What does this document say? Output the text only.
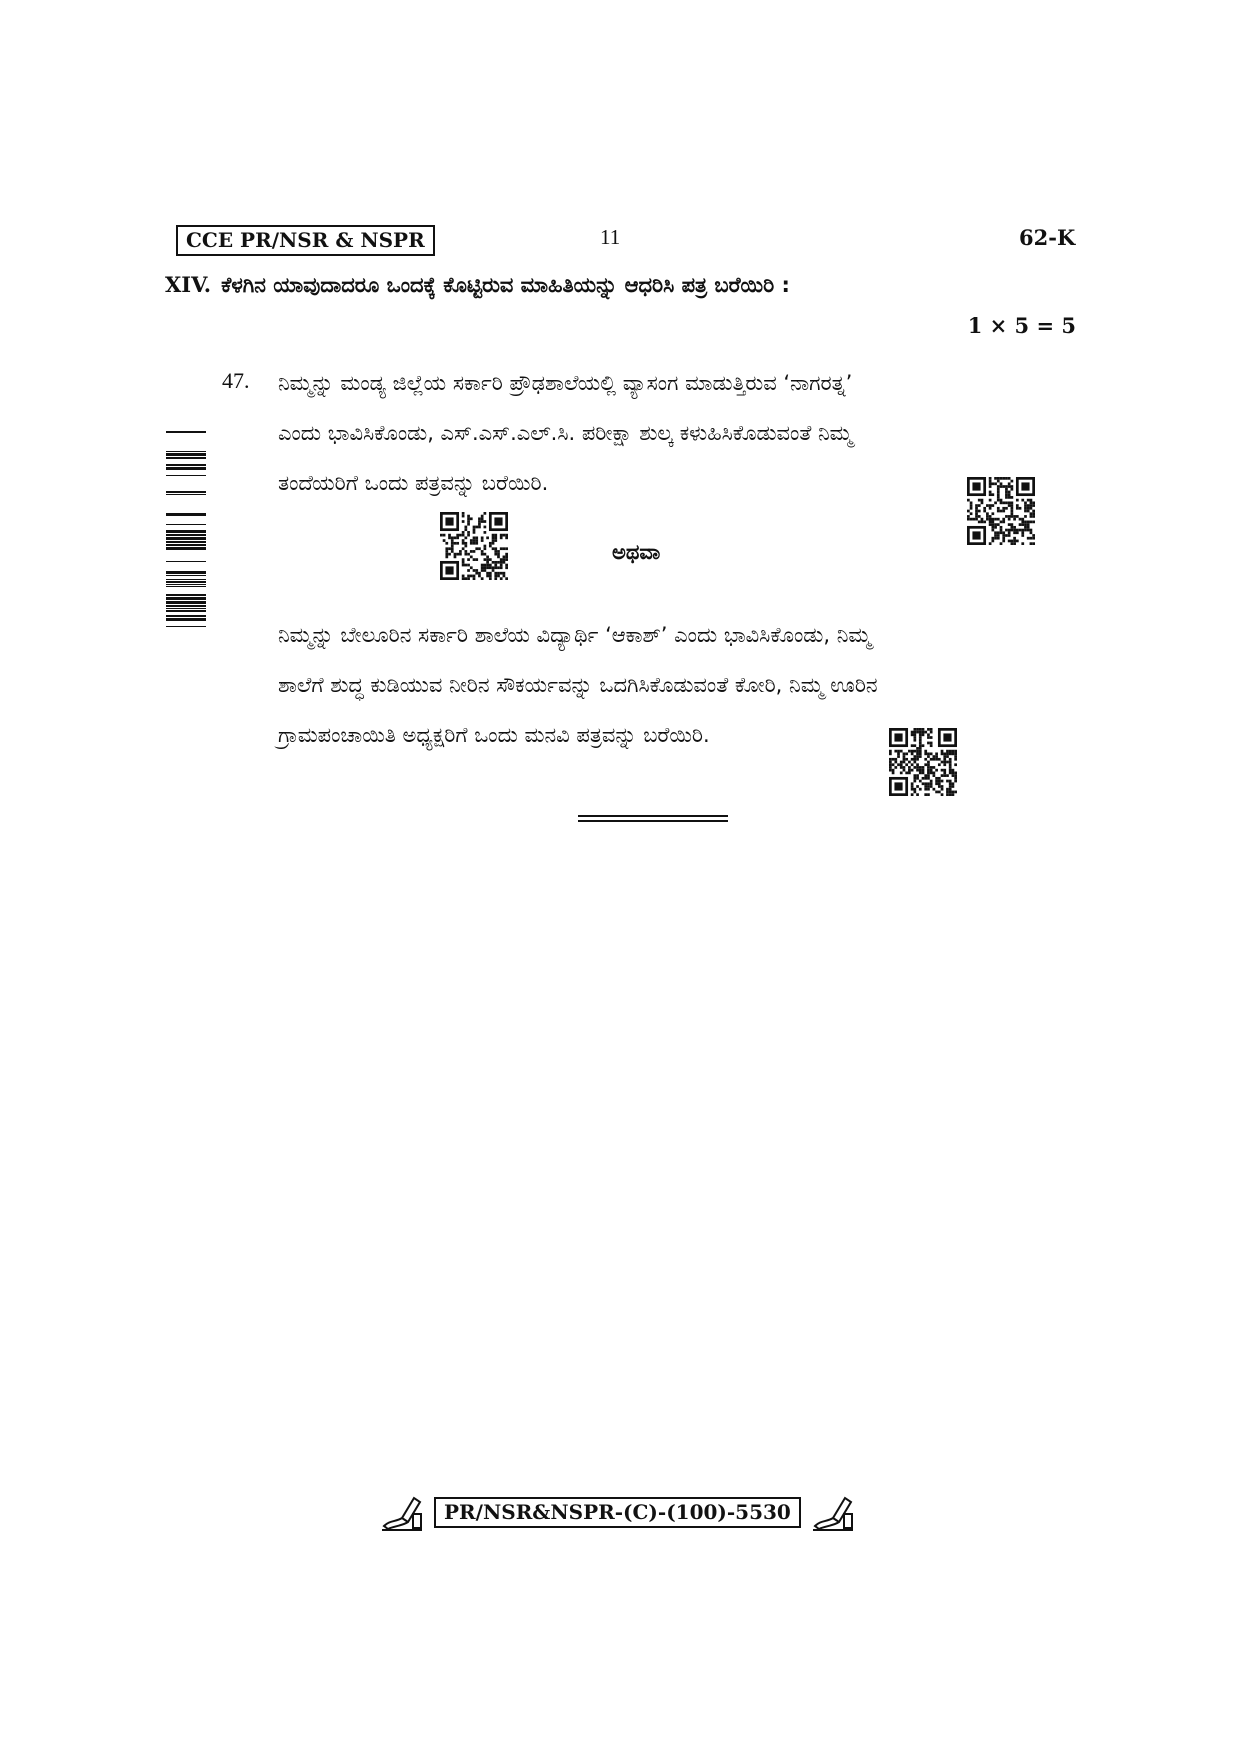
CCE PR/NSR & NSPR	11	62-K
XIV. ಕೆಳಗಿನ ಯಾವುದಾದರೂ ಒಂದಕ್ಕೆ ಕೊಟ್ಟಿರುವ ಮಾಹಿತಿಯನ್ನು ಆಧರಿಸಿ ಪತ್ರ ಬರೆಯಿರಿ :
1 × 5 = 5
47. ನಿಮ್ಮನ್ನು ಮಂಡ್ಯ ಜಿಲ್ಲೆಯ ಸರ್ಕಾರಿ ಪ್ರೌಢಶಾಲೆಯಲ್ಲಿ ವ್ಯಾಸಂಗ ಮಾಡುತ್ತಿರುವ ‘ನಾಗರತ್ನ’
ಎಂದು ಭಾವಿಸಿಕೊಂಡು, ಎಸ್.ಎಸ್.ಎಲ್.ಸಿ. ಪರೀಕ್ಷಾ ಶುಲ್ಕ ಕಳುಹಿಸಿಕೊಡುವಂತೆ ನಿಮ್ಮ
ತಂದೆಯರಿಗೆ ಒಂದು ಪತ್ರವನ್ನು ಬರೆಯಿರಿ.
ಅಥವಾ
ನಿಮ್ಮನ್ನು ಬೇಲೂರಿನ ಸರ್ಕಾರಿ ಶಾಲೆಯ ವಿದ್ಯಾರ್ಥಿ ‘ಆಕಾಶ್’ ಎಂದು ಭಾವಿಸಿಕೊಂಡು, ನಿಮ್ಮ
ಶಾಲೆಗೆ ಶುದ್ಧ ಕುಡಿಯುವ ನೀರಿನ ಸೌಕರ್ಯವನ್ನು ಒದಗಿಸಿಕೊಡುವಂತೆ ಕೋರಿ, ನಿಮ್ಮ ಊರಿನ
ಗ್ರಾಮಪಂಚಾಯಿತಿ ಅಧ್ಯಕ್ಷರಿಗೆ ಒಂದು ಮನವಿ ಪತ್ರವನ್ನು ಬರೆಯಿರಿ.
PR/NSR&NSPR-(C)-(100)-5530
